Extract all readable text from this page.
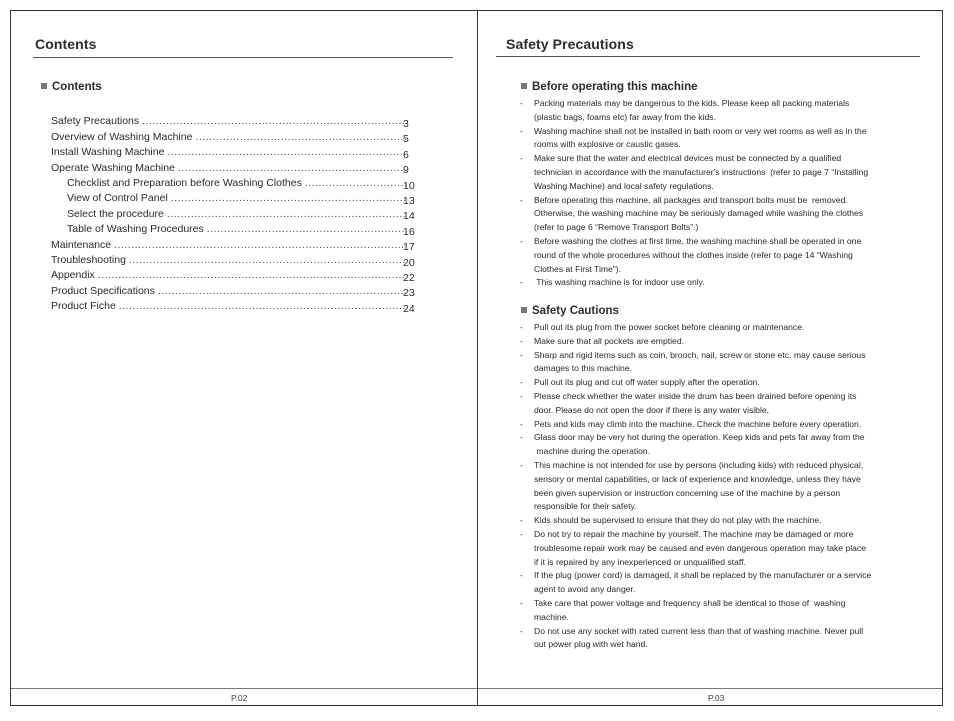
Contents
Contents
Safety Precautions .....	3
Overview of Washing Machine .....	5
Install Washing Machine .....	6
Operate Washing Machine .....	9
Checklist and Preparation before Washing Clothes .....	10
View of Control Panel .....	13
Select the procedure .....	14
Table of Washing Procedures .....	16
Maintenance .....	17
Troubleshooting .....	20
Appendix .....	22
Product Specifications .....	23
Product Fiche .....	24
P.02
Safety Precautions
Before operating this machine
- Packing materials may be dangerous to the kids. Please keep all packing materials
(plastic bags, foams etc) far away from the kids.
- Washing machine shall not be installed in bath room or very wet rooms as well as in the
rooms with explosive or caustic gases.
- Make sure that the water and electrical devices must be connected by a qualified
technician in accordance with the manufacturer's instructions  (refer to page 7 “Installing
Washing Machine) and local safety regulations.
- Before operating this machine, all packages and transport bolts must be  removed.
Otherwise, the washing machine may be seriously damaged while washing the clothes
(refer to page 6 “Remove Transport Bolts”.)
- Before washing the clothes at first time, the washing machine shall be operated in one
round of the whole procedures without the clothes inside (refer to page 14 “Washing
Clothes at First Time”).
- This washing machine is for indoor use only.
Safety Cautions
- Pull out its plug from the power socket before cleaning or maintenance.
- Make sure that all pockets are emptied.
- Sharp and rigid items such as coin, brooch, nail, screw or stone etc. may cause serious
damages to this machine.
- Pull out its plug and cut off water supply after the operation.
- Please check whether the water inside the drum has been drained before opening its
door. Please do not open the door if there is any water visible,
- Pets and kids may climb into the machine. Check the machine before every operation.
- Glass door may be very hot during the operation. Keep kids and pets far away from the
machine during the operation.
- This machine is not intended for use by persons (including kids) with reduced physical,
sensory or mental capabilities, or lack of experience and knowledge, unless they have
been given supervision or instruction concerning use of the machine by a person
responsible for their safety.
- Kids should be supervised to ensure that they do not play with the machine.
- Do not try to repair the machine by yourself. The machine may be damaged or more
troublesome repair work may be caused and even dangerous operation may take place
if it is repaired by any inexperienced or unqualified staff.
- If the plug (power cord) is damaged, it shall be replaced by the manufacturer or a service
agent to avoid any danger.
- Take care that power voltage and frequency shall be identical to those of  washing
machine.
- Do not use any socket with rated current less than that of washing machine. Never pull
out power plug with wet hand.
P.03
